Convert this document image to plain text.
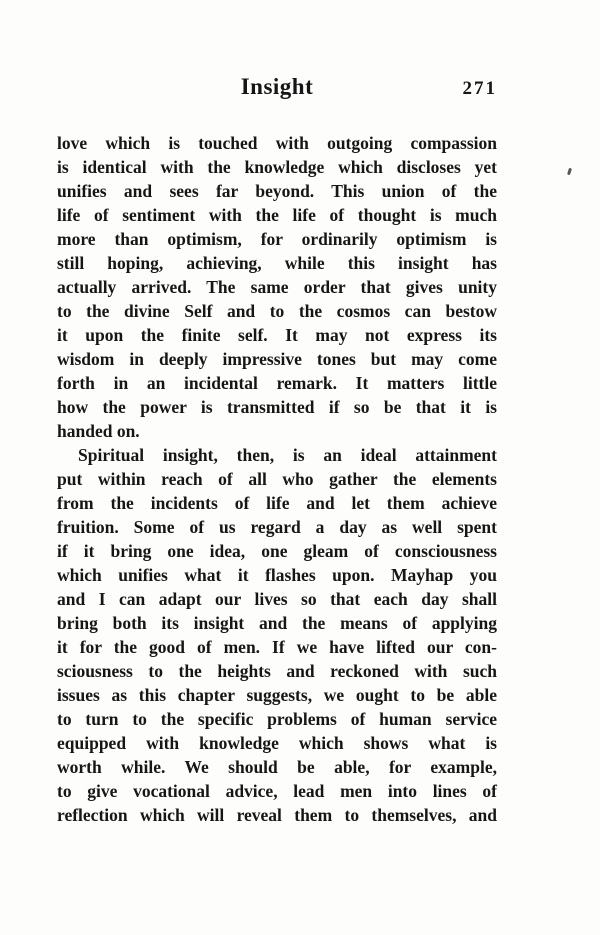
Insight	271
love which is touched with outgoing compassion
is identical with the knowledge which discloses yet
unifies and sees far beyond. This union of the
life of sentiment with the life of thought is much
more than optimism, for ordinarily optimism is
still hoping, achieving, while this insight has
actually arrived. The same order that gives unity
to the divine Self and to the cosmos can bestow
it upon the finite self. It may not express its
wisdom in deeply impressive tones but may come
forth in an incidental remark. It matters little
how the power is transmitted if so be that it is
handed on.
Spiritual insight, then, is an ideal attainment
put within reach of all who gather the elements
from the incidents of life and let them achieve
fruition. Some of us regard a day as well spent
if it bring one idea, one gleam of consciousness
which unifies what it flashes upon. Mayhap you
and I can adapt our lives so that each day shall
bring both its insight and the means of applying
it for the good of men. If we have lifted our con-
sciousness to the heights and reckoned with such
issues as this chapter suggests, we ought to be able
to turn to the specific problems of human service
equipped with knowledge which shows what is
worth while. We should be able, for example,
to give vocational advice, lead men into lines of
reflection which will reveal them to themselves, and
